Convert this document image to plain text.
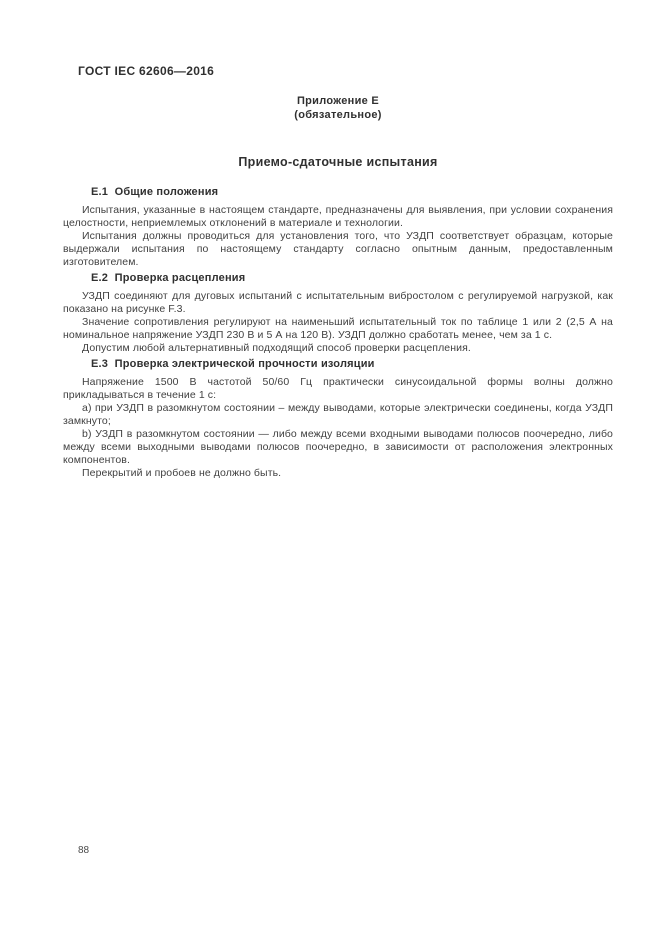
ГОСТ IEC 62606—2016
Приложение Е
(обязательное)
Приемо-сдаточные испытания
Е.1  Общие положения

Испытания, указанные в настоящем стандарте, предназначены для выявления, при условии сохранения целостности, неприемлемых отклонений в материале и технологии.

Испытания должны проводиться для установления того, что УЗДП соответствует образцам, которые выдержали испытания по настоящему стандарту согласно опытным данным, предоставленным изготовителем.

Е.2  Проверка расцепления

УЗДП соединяют для дуговых испытаний с испытательным вибростолом с регулируемой нагрузкой, как показано на рисунке F.3.

Значение сопротивления регулируют на наименьший испытательный ток по таблице 1 или 2 (2,5 А на номинальное напряжение УЗДП 230 В и 5 А на 120 В). УЗДП должно сработать менее, чем за 1 с.

Допустим любой альтернативный подходящий способ проверки расцепления.

Е.3  Проверка электрической прочности изоляции

Напряжение 1500 В частотой 50/60 Гц практически синусоидальной формы волны должно прикладываться в течение 1 с:

a) при УЗДП в разомкнутом состоянии – между выводами, которые электрически соединены, когда УЗДП замкнуто;

b) УЗДП в разомкнутом состоянии — либо между всеми входными выводами полюсов поочередно, либо между всеми выходными выводами полюсов поочередно, в зависимости от расположения электронных компонентов.

Перекрытий и пробоев не должно быть.

88
